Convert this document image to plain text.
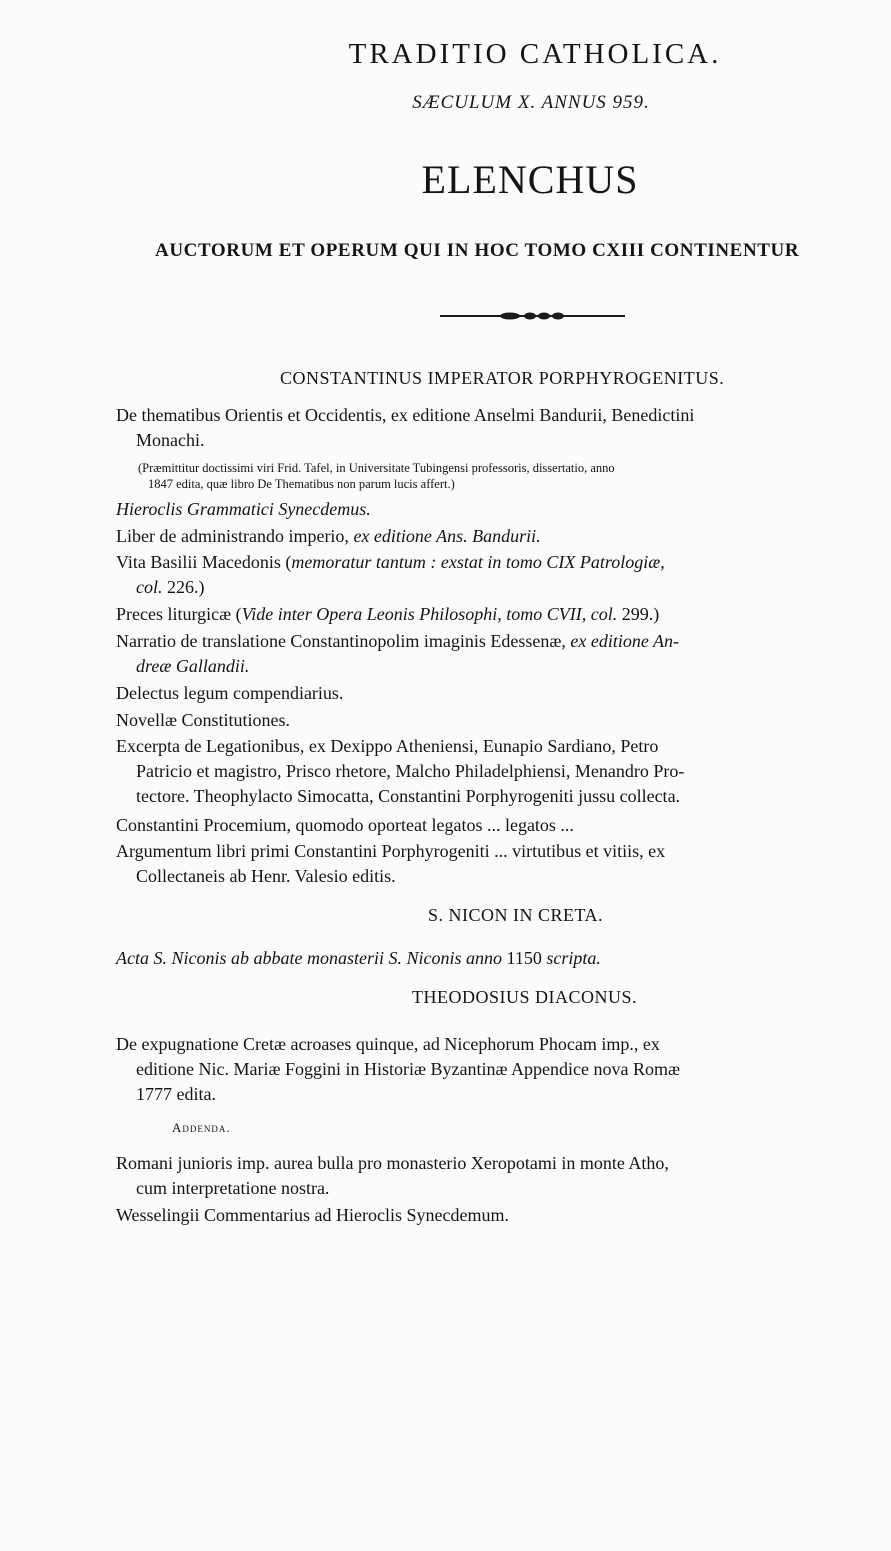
TRADITIO CATHOLICA.
SÆCULUM X. ANNUS 959.
ELENCHUS
AUCTORUM ET OPERUM QUI IN HOC TOMO CXIII CONTINENTUR
CONSTANTINUS IMPERATOR PORPHYROGENITUS.
De thematibus Orientis et Occidentis, ex editione Anselmi Bandurii, Benedictini
Monachi.
(Præmittitur doctissimi viri Frid. Tafel, in Universitate Tubingensi professoris, dissertatio, anno
1847 edita, quæ libro De Thematibus non parum lucis affert.)
Hieroclis Grammatici Synecdemus.
Liber de administrando imperio, ex editione Ans. Bandurii.
Vita Basilii Macedonis (memoratur tantum : exstat in tomo CIX Patrologiæ,
col. 226.)
Preces liturgicæ (Vide inter Opera Leonis Philosophi, tomo CVII, col. 299.)
Narratio de translatione Constantinopolim imaginis Edessenæ, ex editione An-
dreæ Gallandii.
Delectus legum compendiarius.
Novellæ Constitutiones.
Excerpta de Legationibus, ex Dexippo Atheniensi, Eunapio Sardiano, Petro
Patricio et magistro, Prisco rhetore, Malcho Philadelphiensi, Menandro Pro-
tectore. Theophylacto Simocatta, Constantini Porphyrogeniti jussu collecta.
Constantini Procemium, quomodo oporteat legatos ... legatos ...
Argumentum libri primi Constantini Porphyrogeniti ... virtutibus et vitiis, ex
Collectaneis ab Henr. Valesio editis.
S. NICON IN CRETA.
Acta S. Niconis ab abbate monasterii S. Niconis anno 1150 scripta.
THEODOSIUS DIACONUS.
De expugnatione Cretæ acroases quinque, ad Nicephorum Phocam imp., ex
editione Nic. Mariæ Foggini in Historiæ Byzantinæ Appendice nova Romæ
1777 edita.
Addenda.
Romani junioris imp. aurea bulla pro monasterio Xeropotami in monte Atho,
cum interpretatione nostra.
Wesselingii Commentarius ad Hieroclis Synecdemum.
